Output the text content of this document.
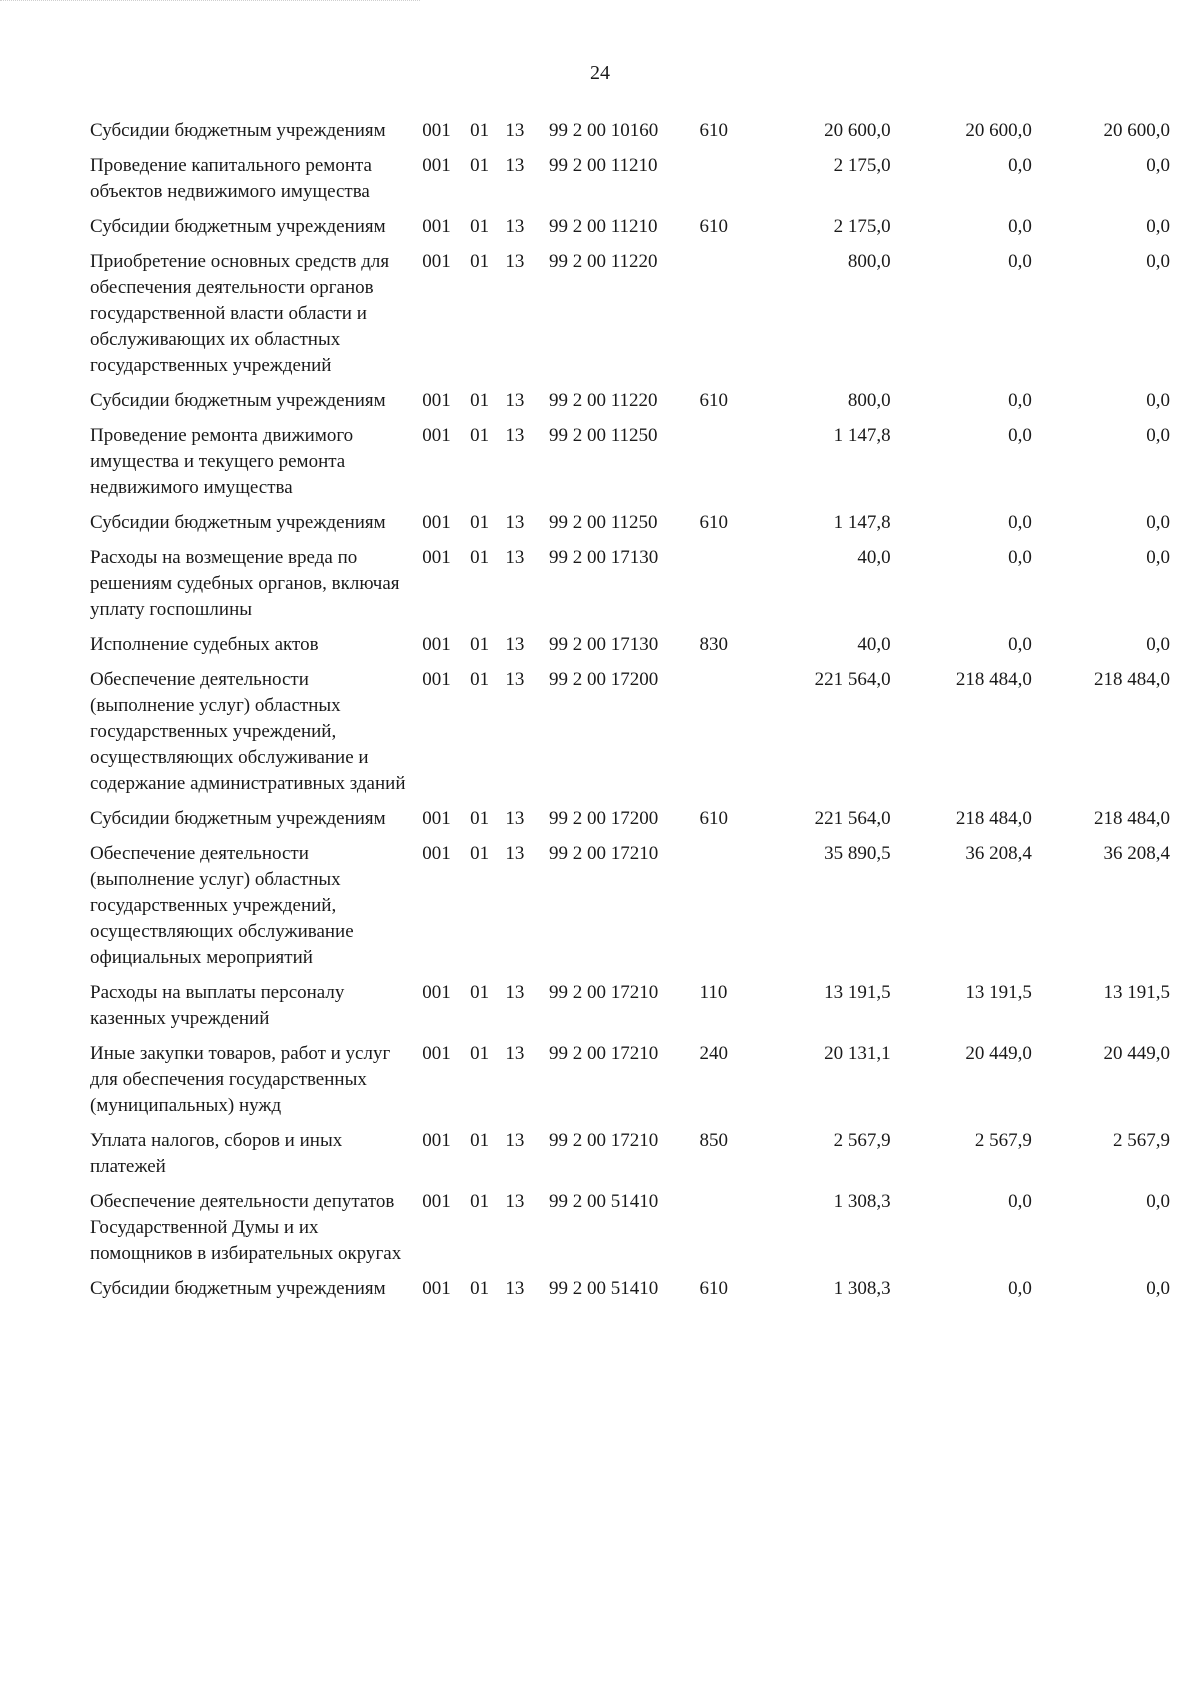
24
Субсидии бюджетным учреждениям	001	01	13	99 2 00 10160	610	20 600,0	20 600,0	20 600,0
Проведение капитального ремонта объектов недвижимого имущества	001	01	13	99 2 00 11210		2 175,0	0,0	0,0
Субсидии бюджетным учреждениям	001	01	13	99 2 00 11210	610	2 175,0	0,0	0,0
Приобретение основных средств для обеспечения деятельности органов государственной власти области и обслуживающих их областных государственных учреждений	001	01	13	99 2 00 11220		800,0	0,0	0,0
Субсидии бюджетным учреждениям	001	01	13	99 2 00 11220	610	800,0	0,0	0,0
Проведение ремонта движимого имущества и текущего ремонта недвижимого имущества	001	01	13	99 2 00 11250		1 147,8	0,0	0,0
Субсидии бюджетным учреждениям	001	01	13	99 2 00 11250	610	1 147,8	0,0	0,0
Расходы на возмещение вреда по решениям судебных органов, включая уплату госпошлины	001	01	13	99 2 00 17130		40,0	0,0	0,0
Исполнение судебных актов	001	01	13	99 2 00 17130	830	40,0	0,0	0,0
Обеспечение деятельности (выполнение услуг) областных государственных учреждений, осуществляющих обслуживание и содержание административных зданий	001	01	13	99 2 00 17200		221 564,0	218 484,0	218 484,0
Субсидии бюджетным учреждениям	001	01	13	99 2 00 17200	610	221 564,0	218 484,0	218 484,0
Обеспечение деятельности (выполнение услуг) областных государственных учреждений, осуществляющих обслуживание официальных мероприятий	001	01	13	99 2 00 17210		35 890,5	36 208,4	36 208,4
Расходы на выплаты персоналу казенных учреждений	001	01	13	99 2 00 17210	110	13 191,5	13 191,5	13 191,5
Иные закупки товаров, работ и услуг для обеспечения государственных (муниципальных) нужд	001	01	13	99 2 00 17210	240	20 131,1	20 449,0	20 449,0
Уплата налогов, сборов и иных платежей	001	01	13	99 2 00 17210	850	2 567,9	2 567,9	2 567,9
Обеспечение деятельности депутатов Государственной Думы и их помощников в избирательных округах	001	01	13	99 2 00 51410		1 308,3	0,0	0,0
Субсидии бюджетным учреждениям	001	01	13	99 2 00 51410	610	1 308,3	0,0	0,0
